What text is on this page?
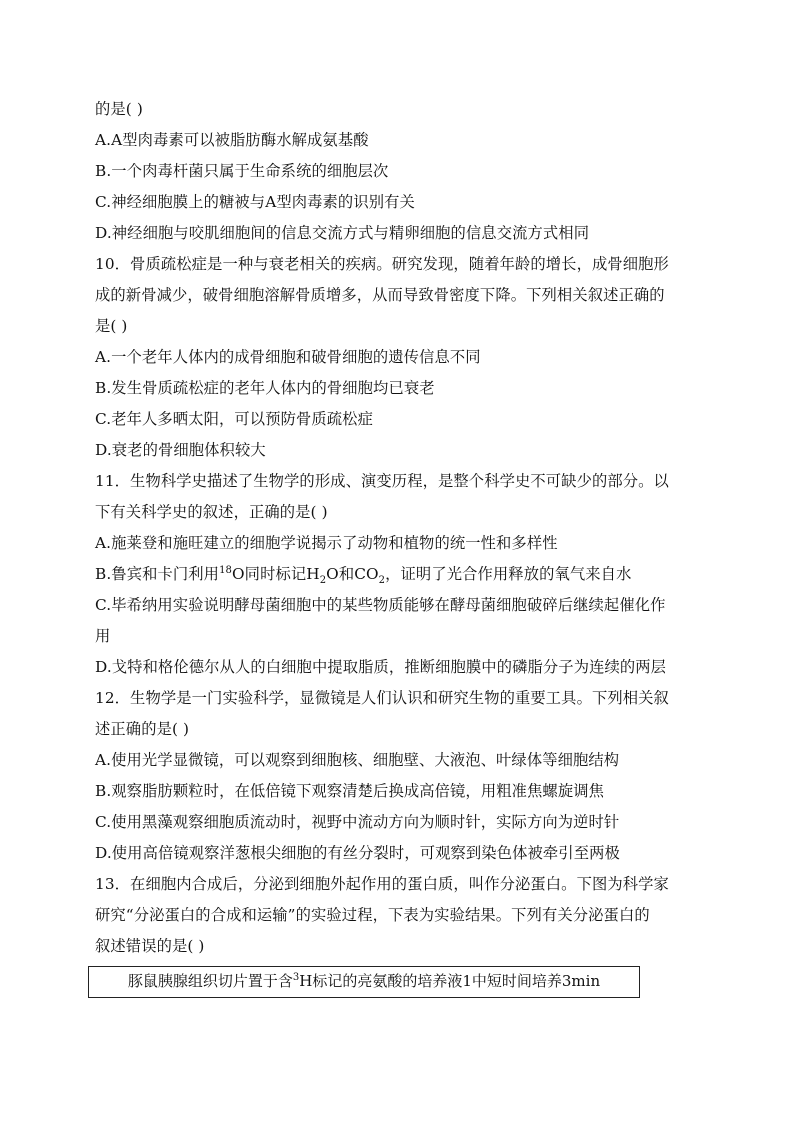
的是( )
A.A型肉毒素可以被脂肪酶水解成氨基酸
B.一个肉毒杆菌只属于生命系统的细胞层次
C.神经细胞膜上的糖被与A型肉毒素的识别有关
D.神经细胞与咬肌细胞间的信息交流方式与精卵细胞的信息交流方式相同
10．骨质疏松症是一种与衰老相关的疾病。研究发现，随着年龄的增长，成骨细胞形
成的新骨减少，破骨细胞溶解骨质增多，从而导致骨密度下降。下列相关叙述正确的
是( )
A.一个老年人体内的成骨细胞和破骨细胞的遗传信息不同
B.发生骨质疏松症的老年人体内的骨细胞均已衰老
C.老年人多晒太阳，可以预防骨质疏松症
D.衰老的骨细胞体积较大
11．生物科学史描述了生物学的形成、演变历程，是整个科学史不可缺少的部分。以
下有关科学史的叙述，正确的是( )
A.施莱登和施旺建立的细胞学说揭示了动物和植物的统一性和多样性
B.鲁宾和卡门利用$^{18}$O同时标记$H_2O$和$CO_2$，证明了光合作用释放的氧气来自水
C.毕希纳用实验说明酵母菌细胞中的某些物质能够在酵母菌细胞破碎后继续起催化作
用
D.戈特和格伦德尔从人的白细胞中提取脂质，推断细胞膜中的磷脂分子为连续的两层
12．生物学是一门实验科学，显微镜是人们认识和研究生物的重要工具。下列相关叙
述正确的是( )
A.使用光学显微镜，可以观察到细胞核、细胞壁、大液泡、叶绿体等细胞结构
B.观察脂肪颗粒时，在低倍镜下观察清楚后换成高倍镜，用粗准焦螺旋调焦
C.使用黑藻观察细胞质流动时，视野中流动方向为顺时针，实际方向为逆时针
D.使用高倍镜观察洋葱根尖细胞的有丝分裂时，可观察到染色体被牵引至两极
13．在细胞内合成后，分泌到细胞外起作用的蛋白质，叫作分泌蛋白。下图为科学家
研究“分泌蛋白的合成和运输”的实验过程，下表为实验结果。下列有关分泌蛋白的
叙述错误的是( )
豚鼠胰腺组织切片置于含$^3$H标记的亮氨酸的培养液1中短时间培养3min
